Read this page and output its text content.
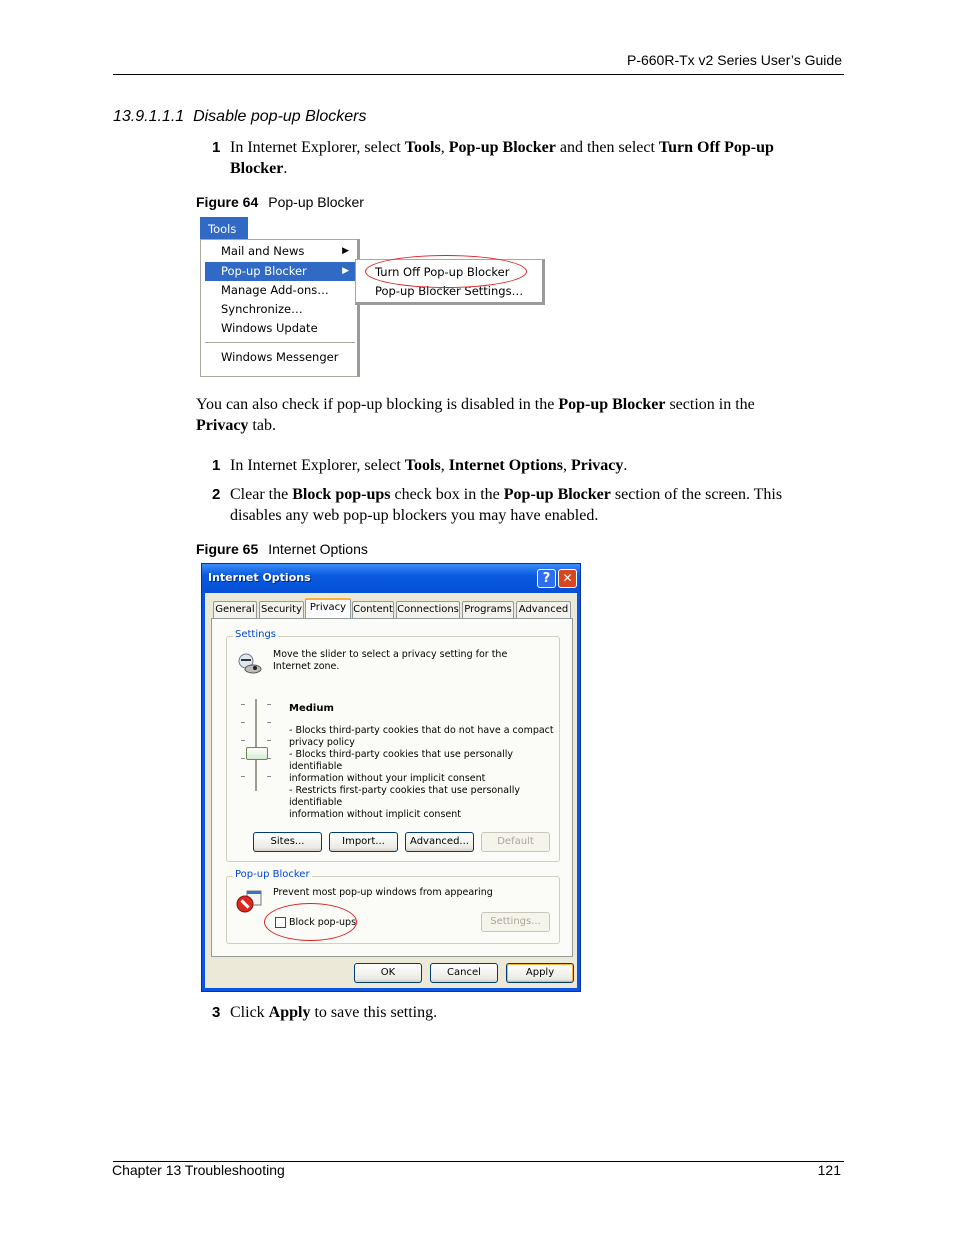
P-660R-Tx v2 Series User’s Guide
13.9.1.1.1 Disable pop-up Blockers
1 In Internet Explorer, select Tools, Pop-up Blocker and then select Turn Off Pop-up Blocker.
Figure 64 Pop-up Blocker
Tools
Mail and News	▶
Pop-up Blocker	▶
Manage Add-ons…
Synchronize…
Windows Update
Windows Messenger
Turn Off Pop-up Blocker
Pop-up Blocker Settings…
You can also check if pop-up blocking is disabled in the Pop-up Blocker section in the Privacy tab.
1 In Internet Explorer, select Tools, Internet Options, Privacy.
2 Clear the Block pop-ups check box in the Pop-up Blocker section of the screen. This disables any web pop-up blockers you may have enabled.
Figure 65 Internet Options
Internet Options	?	✕
General Security Privacy Content Connections Programs Advanced
Settings
Move the slider to select a privacy setting for the Internet zone.
Medium
- Blocks third-party cookies that do not have a compact
privacy policy
- Blocks third-party cookies that use personally identifiable
information without your implicit consent
- Restricts first-party cookies that use personally identifiable
information without implicit consent
Sites...	Import...	Advanced...	Default
Pop-up Blocker
Prevent most pop-up windows from appearing
Block pop-ups	Settings...
OK	Cancel	Apply
3 Click Apply to save this setting.
Chapter 13 Troubleshooting	121
